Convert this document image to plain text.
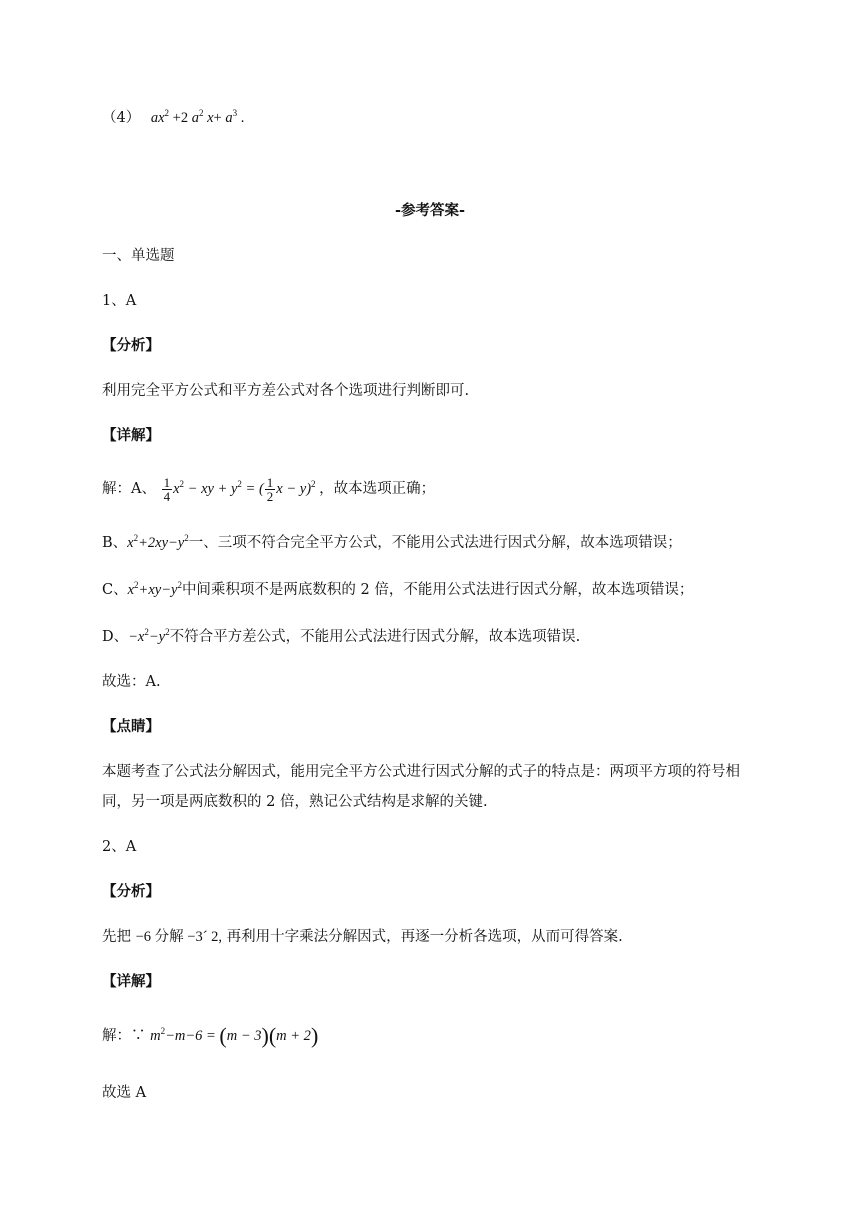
（4） $ax^2 +2$ $a^2$ $x+ a^3$ .
-参考答案-
一、单选题
1、A
【分析】
利用完全平方公式和平方差公式对各个选项进行判断即可.
【详解】
解：A、 $\frac{1}{4} x^2$ − xy + $y^2$ = ( $\frac{1}{2}$ x − y)$^2$ ，故本选项正确；
B、$x^2+2xy-y^2$一、三项不符合完全平方公式，不能用公式法进行因式分解，故本选项错误；
C、$x^2+xy-y^2$中间乘积项不是两底数积的 2 倍，不能用公式法进行因式分解，故本选项错误；
D、$-x^2-y^2$不符合平方差公式，不能用公式法进行因式分解，故本选项错误.
故选：A.
【点睛】
本题考查了公式法分解因式，能用完全平方公式进行因式分解的式子的特点是：两项平方项的符号相
同，另一项是两底数积的 2 倍，熟记公式结构是求解的关键.
2、A
【分析】
先把 −6 分解 −3´ 2, 再利用十字乘法分解因式，再逐一分析各选项，从而可得答案.
【详解】
解：∵ $m^2-m-6 = (m - 3)(m + 2)$
故选 A
